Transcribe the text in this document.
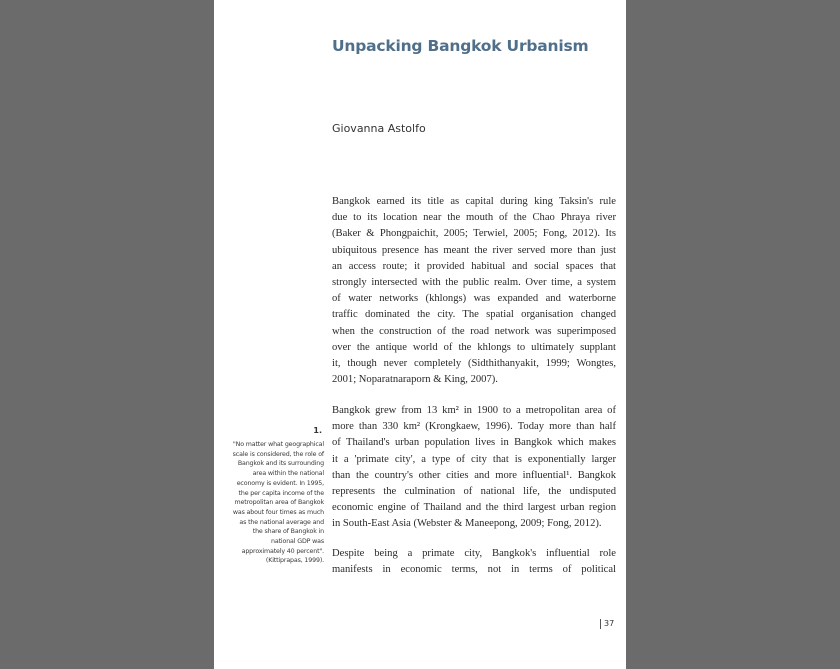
Unpacking Bangkok Urbanism
Giovanna Astolfo
Bangkok earned its title as capital during king Taksin's rule
due to its location near the mouth of the Chao Phraya river
(Baker & Phongpaichit, 2005; Terwiel, 2005; Fong, 2012). Its
ubiquitous presence has meant the river served more than just
an access route; it provided habitual and social spaces that
strongly intersected with the public realm. Over time, a system
of water networks (khlongs) was expanded and waterborne
traffic dominated the city. The spatial organisation changed
when the construction of the road network was superimposed
over the antique world of the khlongs to ultimately supplant
it, though never completely (Sidthithanyakit, 1999; Wongtes,
2001; Noparatnaraporn & King, 2007).
Bangkok grew from 13 km² in 1900 to a metropolitan area of
more than 330 km² (Krongkaew, 1996). Today more than half
of Thailand's urban population lives in Bangkok which makes
it a 'primate city', a type of city that is exponentially larger
than the country's other cities and more influential¹. Bangkok
represents the culmination of national life, the undisputed
economic engine of Thailand and the third largest urban region
in South-East Asia (Webster & Maneepong, 2009; Fong, 2012).
Despite being a primate city, Bangkok's influential role
manifests in economic terms, not in terms of political
1.
"No matter what geographical
scale is considered, the role of
Bangkok and its surrounding
area within the national
economy is evident. In 1995,
the per capita income of the
metropolitan area of Bangkok
was about four times as much
as the national average and
the share of Bangkok in
national GDP was
approximately 40 percent".
(Kittiprapas, 1999).
37
